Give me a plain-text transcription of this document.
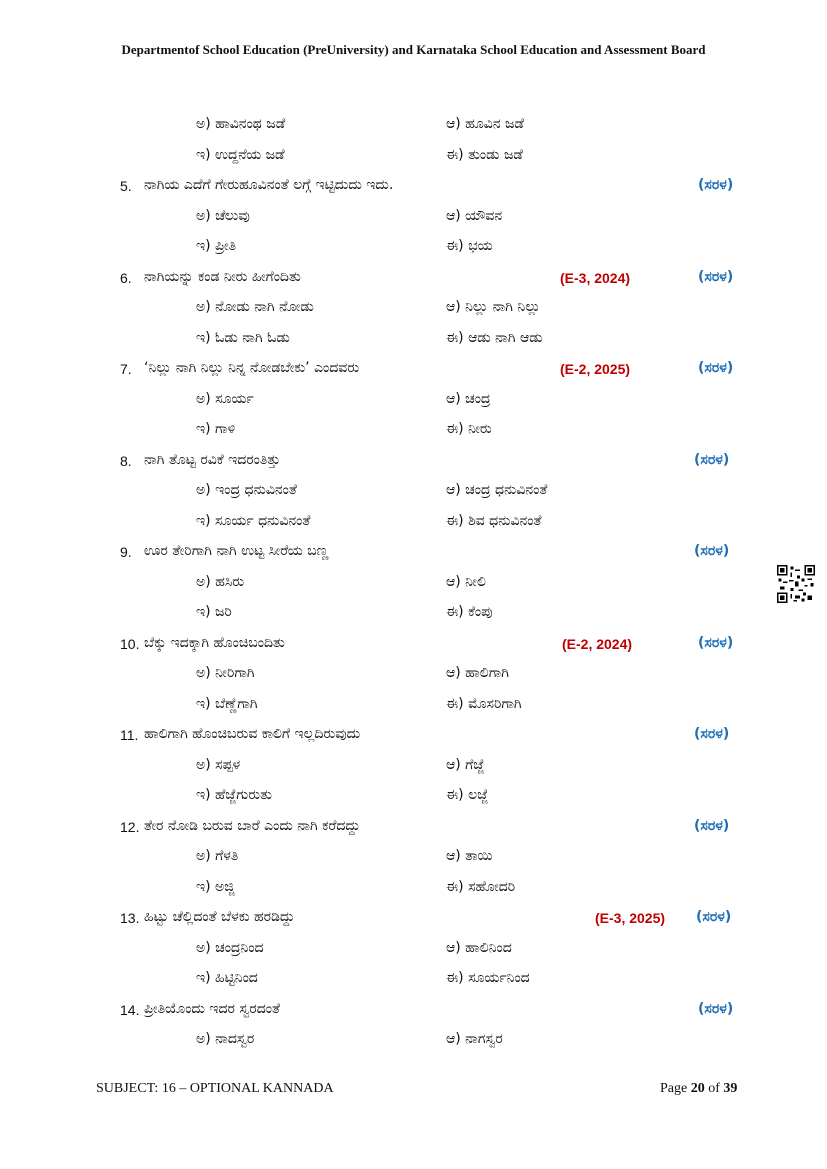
Departmentof School Education (PreUniversity) and Karnataka School Education and Assessment Board
ಅ) ಹಾವಿನಂಥ ಜಡೆ	ಆ) ಹೂವಿನ ಜಡೆ
ಇ) ಉದ್ದನೆಯ ಜಡೆ	ಈ) ತುಂಡು ಜಡೆ
5. ನಾಗಿಯ ಎದೆಗೆ ಗೇರುಹೂವಿನಂತೆ ಲಗ್ಗೆ ಇಟ್ಟಿದುದು ಇದು.	(ಸರಳ)
ಅ) ಚೆಲುವು	ಆ) ಯೌವನ
ಇ) ಪ್ರೀತಿ	ಈ) ಭಯ
6. ನಾಗಿಯನ್ನು ಕಂಡ ನೀರು ಹೀಗೆಂದಿತು	(E-3, 2024)	(ಸರಳ)
ಅ) ನೋಡು ನಾಗಿ ನೋಡು	ಆ) ನಿಲ್ಲು ನಾಗಿ ನಿಲ್ಲು
ಇ) ಓಡು ನಾಗಿ ಓಡು	ಈ) ಆಡು ನಾಗಿ ಆಡು
7. ‘ನಿಲ್ಲು ನಾಗಿ ನಿಲ್ಲು ನಿನ್ನ ನೋಡಬೇಕು’ ಎಂದವರು	(E-2, 2025)	(ಸರಳ)
ಅ) ಸೂರ್ಯ	ಆ) ಚಂದ್ರ
ಇ) ಗಾಳಿ	ಈ) ನೀರು
8. ನಾಗಿ ತೊಟ್ಟ ರವಿಕೆ ಇದರಂತಿತ್ತು	(ಸರಳ)
ಅ) ಇಂದ್ರ ಧನುವಿನಂತೆ	ಆ) ಚಂದ್ರ ಧನುವಿನಂತೆ
ಇ) ಸೂರ್ಯ ಧನುವಿನಂತೆ	ಈ) ಶಿವ ಧನುವಿನಂತೆ
9. ಊರ ತೇರಿಗಾಗಿ ನಾಗಿ ಉಟ್ಟ ಸೀರೆಯ ಬಣ್ಣ	(ಸರಳ)
ಅ) ಹಸಿರು	ಆ) ನೀಲಿ
ಇ) ಜರಿ	ಈ) ಕೆಂಪು
10. ಬೆಕ್ಕು ಇದಕ್ಕಾಗಿ ಹೊಂಚಿಬಂದಿತು	(E-2, 2024)	(ಸರಳ)
ಅ) ನೀರಿಗಾಗಿ	ಆ) ಹಾಲಿಗಾಗಿ
ಇ) ಬೆಣ್ಣೆಗಾಗಿ	ಈ) ಮೊಸರಿಗಾಗಿ
11. ಹಾಲಿಗಾಗಿ ಹೊಂಚಿಬರುವ ಕಾಲಿಗೆ ಇಲ್ಲದಿರುವುದು	(ಸರಳ)
ಅ) ಸಪ್ಪಳ	ಆ) ಗೆಜ್ಜೆ
ಇ) ಹೆಜ್ಜೆಗುರುತು	ಈ) ಲಜ್ಜೆ
12. ತೇರ ನೋಡಿ ಬರುವ ಬಾರೆ ಎಂದು ನಾಗಿ ಕರೆದದ್ದು	(ಸರಳ)
ಅ) ಗೆಳತಿ	ಆ) ತಾಯಿ
ಇ) ಅಜ್ಜಿ	ಈ) ಸಹೋದರಿ
13. ಹಿಟ್ಟು ಚೆಲ್ಲಿದಂತೆ ಬೆಳಕು ಹರಡಿದ್ದು	(E-3, 2025) (ಸರಳ)
ಅ) ಚಂದ್ರನಿಂದ	ಆ) ಹಾಲಿನಿಂದ
ಇ) ಹಿಟ್ಟಿನಿಂದ	ಈ) ಸೂರ್ಯನಿಂದ
14. ಪ್ರೀತಿಯೊಂದು ಇದರ ಸ್ವರದಂತೆ	(ಸರಳ)
ಅ) ನಾದಸ್ವರ	ಆ) ನಾಗಸ್ವರ
SUBJECT: 16 – OPTIONAL KANNADA	Page 20 of 39
